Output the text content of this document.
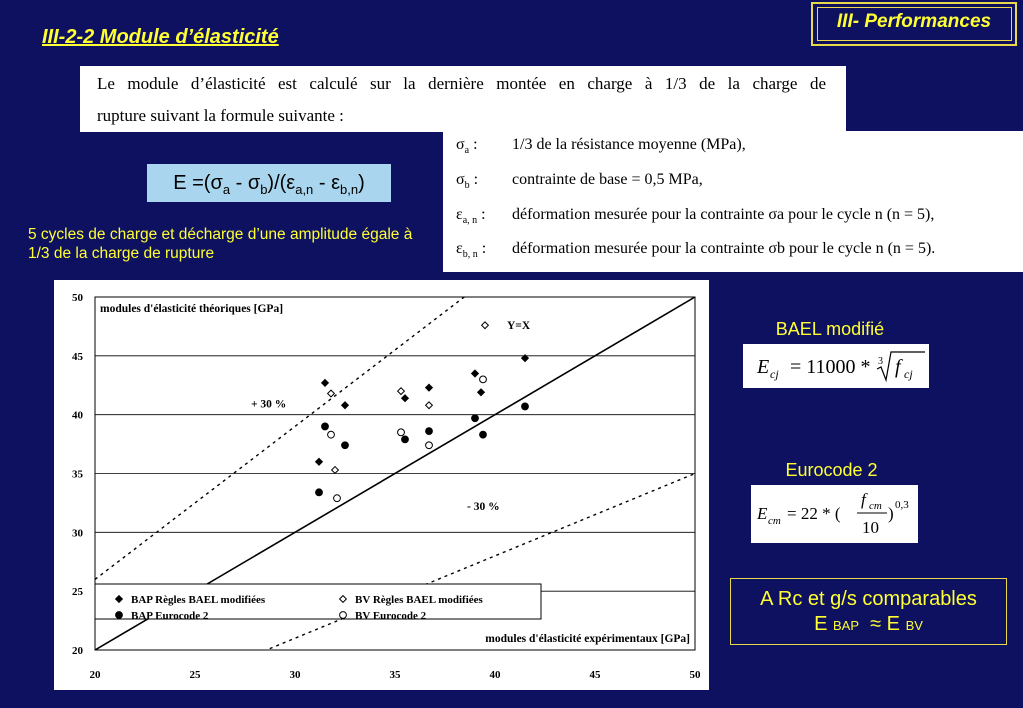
III- Performances
III-2-2 Module d’élasticité
Le module d’élasticité est calculé sur la dernière montée en charge à 1/3 de la charge de
rupture suivant la formule suivante :
$\sigma_a$ :	1/3 de la résistance moyenne (MPa),
$\sigma_b$ :	contrainte de base = 0,5 MPa,
$\varepsilon_{a, n}$ :	déformation mesurée pour la contrainte σa pour le cycle n (n = 5),
$\varepsilon_{b, n}$ :	déformation mesurée pour la contrainte σb pour le cycle n (n = 5).
$E =(\sigma_a - \sigma_b)/(\varepsilon_{a,n} - \varepsilon_{b,n})$
5 cycles de charge et décharge d’une amplitude égale à 1/3 de la charge de rupture
Y=X
+ 30 %
- 30 %
20
25
30
35
40
45
50
20	25	30	35	40	45	50
BAP Règles BAEL modifiées	BV Règles BAEL modifiées
BAP Eurocode 2	BV Eurocode 2
modules d'élasticité théoriques [GPa]
modules d'élasticité expérimentaux [GPa]
BAEL modifié
E cj = 11000 * 3 f cj
Eurocode 2
E cm = 22 * (
f cm
10
) 0,3
A Rc et g/s comparables
E BAP ≈ E BV
